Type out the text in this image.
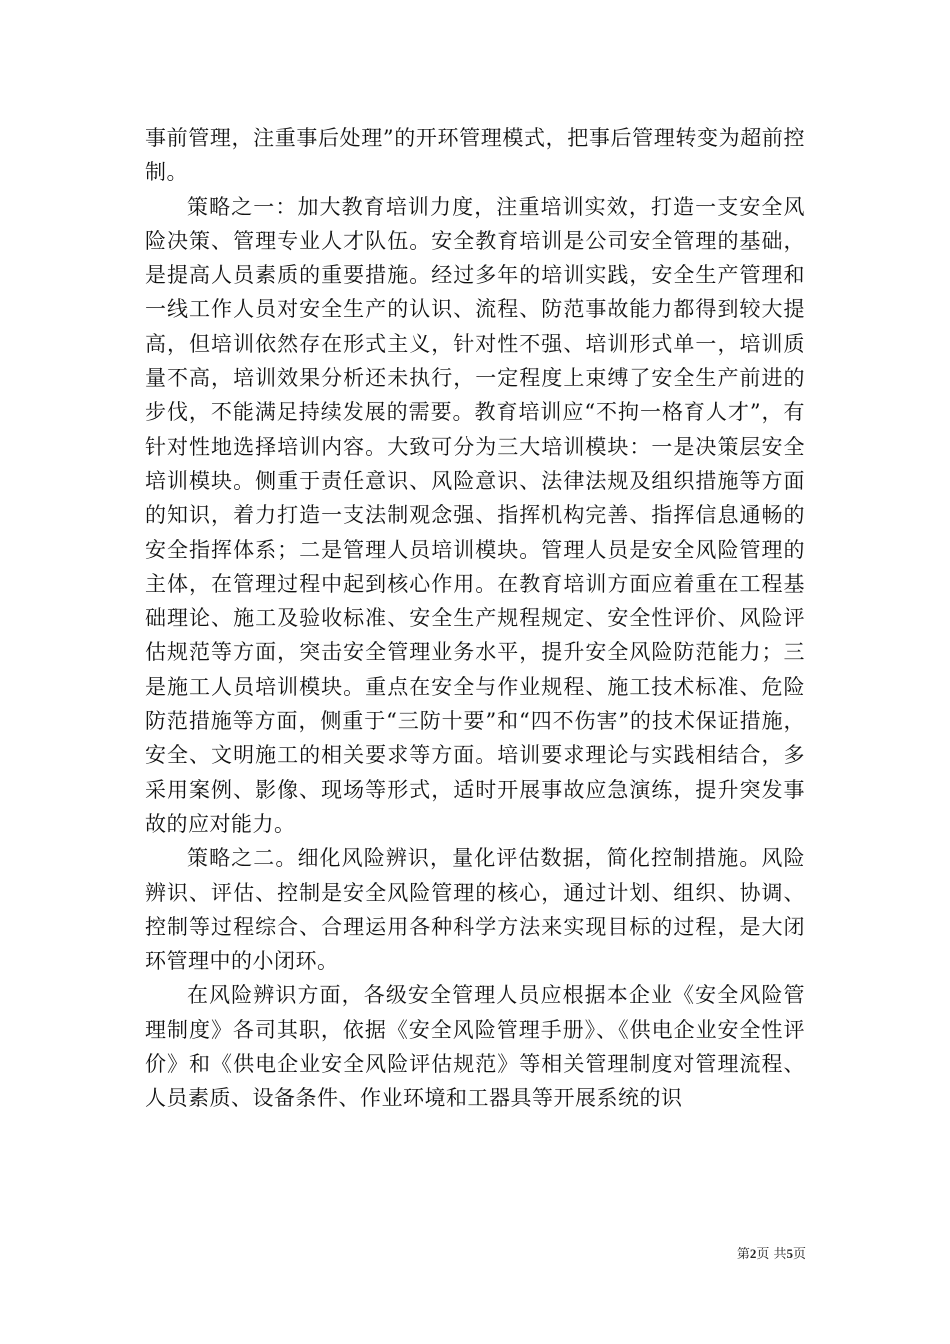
事前管理，注重事后处理”的开环管理模式，把事后管理转变为超前控制。

策略之一：加大教育培训力度，注重培训实效，打造一支安全风险决策、管理专业人才队伍。安全教育培训是公司安全管理的基础，是提高人员素质的重要措施。经过多年的培训实践，安全生产管理和一线工作人员对安全生产的认识、流程、防范事故能力都得到较大提高，但培训依然存在形式主义，针对性不强、培训形式单一，培训质量不高，培训效果分析还未执行，一定程度上束缚了安全生产前进的步伐，不能满足持续发展的需要。教育培训应“不拘一格育人才”，有针对性地选择培训内容。大致可分为三大培训模块：一是决策层安全培训模块。侧重于责任意识、风险意识、法律法规及组织措施等方面的知识，着力打造一支法制观念强、指挥机构完善、指挥信息通畅的安全指挥体系；二是管理人员培训模块。管理人员是安全风险管理的主体，在管理过程中起到核心作用。在教育培训方面应着重在工程基础理论、施工及验收标准、安全生产规程规定、安全性评价、风险评估规范等方面，突击安全管理业务水平，提升安全风险防范能力；三是施工人员培训模块。重点在安全与作业规程、施工技术标准、危险防范措施等方面，侧重于“三防十要”和“四不伤害”的技术保证措施，安全、文明施工的相关要求等方面。培训要求理论与实践相结合，多采用案例、影像、现场等形式，适时开展事故应急演练，提升突发事故的应对能力。

策略之二。细化风险辨识，量化评估数据，简化控制措施。风险辨识、评估、控制是安全风险管理的核心，通过计划、组织、协调、控制等过程综合、合理运用各种科学方法来实现目标的过程，是大闭环管理中的小闭环。

在风险辨识方面，各级安全管理人员应根据本企业《安全风险管理制度》各司其职，依据《安全风险管理手册》、《供电企业安全性评价》和《供电企业安全风险评估规范》等相关管理制度对管理流程、人员素质、设备条件、作业环境和工器具等开展系统的识

第2页 共5页
